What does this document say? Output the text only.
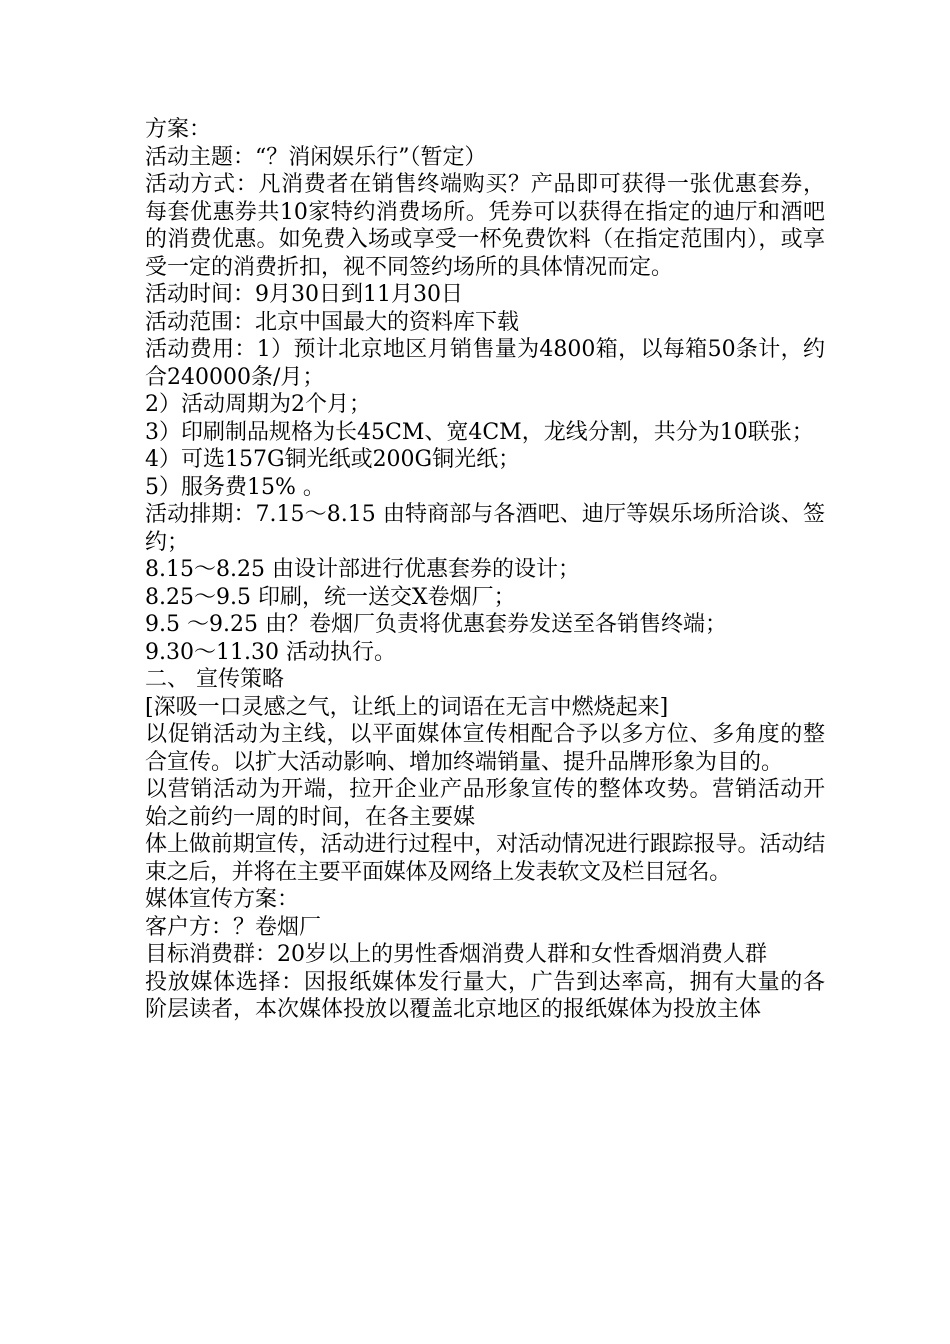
方案：

活动主题：“？消闲娱乐行”（暂定）

活动方式：凡消费者在销售终端购买？产品即可获得一张优惠套券，每套优惠券共10家特约消费场所。凭券可以获得在指定的迪厅和酒吧的消费优惠。如免费入场或享受一杯免费饮料（在指定范围内），或享受一定的消费折扣，视不同签约场所的具体情况而定。

活动时间：9月30日到11月30日

活动范围：北京中国最大的资料库下载

活动费用：1）预计北京地区月销售量为4800箱，以每箱50条计，约合240000条/月；

2）活动周期为2个月；

3）印刷制品规格为长45CM、宽4CM，龙线分割，共分为10联张；

4）可选157G铜光纸或200G铜光纸；

5）服务费15% 。

活动排期：7.15～8.15 由特商部与各酒吧、迪厅等娱乐场所洽谈、签约；

8.15～8.25 由设计部进行优惠套券的设计；

8.25～9.5 印刷，统一送交X卷烟厂；

9.5 ～9.25 由？卷烟厂负责将优惠套券发送至各销售终端；

9.30～11.30 活动执行。

二、 宣传策略

[深吸一口灵感之气，让纸上的词语在无言中燃烧起来]

以促销活动为主线，以平面媒体宣传相配合予以多方位、多角度的整合宣传。以扩大活动影响、增加终端销量、提升品牌形象为目的。

以营销活动为开端，拉开企业产品形象宣传的整体攻势。营销活动开始之前约一周的时间，在各主要媒

体上做前期宣传，活动进行过程中，对活动情况进行跟踪报导。活动结束之后，并将在主要平面媒体及网络上发表软文及栏目冠名。

媒体宣传方案：

客户方：？卷烟厂

目标消费群：20岁以上的男性香烟消费人群和女性香烟消费人群

投放媒体选择：因报纸媒体发行量大，广告到达率高，拥有大量的各阶层读者，本次媒体投放以覆盖北京地区的报纸媒体为投放主体
